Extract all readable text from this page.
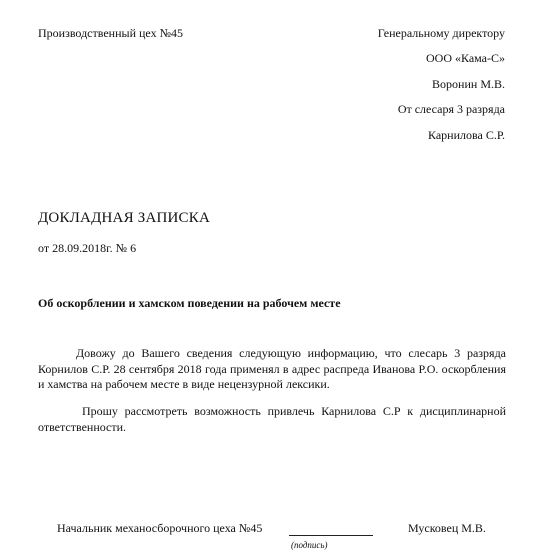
Производственный цех №45	Генеральному директору
ООО «Кама-С»
Воронин М.В.
От слесаря 3 разряда
Карнилова С.Р.
ДОКЛАДНАЯ ЗАПИСКА
от 28.09.2018г. № 6
Об оскорблении и хамском поведении на рабочем месте
Довожу до Вашего сведения следующую информацию, что слесарь 3 разряда Корнилов С.Р. 28 сентября 2018 года применял в адрес распреда Иванова Р.О. оскорбления и хамства на рабочем месте в виде нецензурной лексики.
Прошу рассмотреть возможность привлечь Карнилова С.Р к дисциплинарной ответственности.
Начальник механосборочного цеха №45
(подпись)
Мусковец М.В.
